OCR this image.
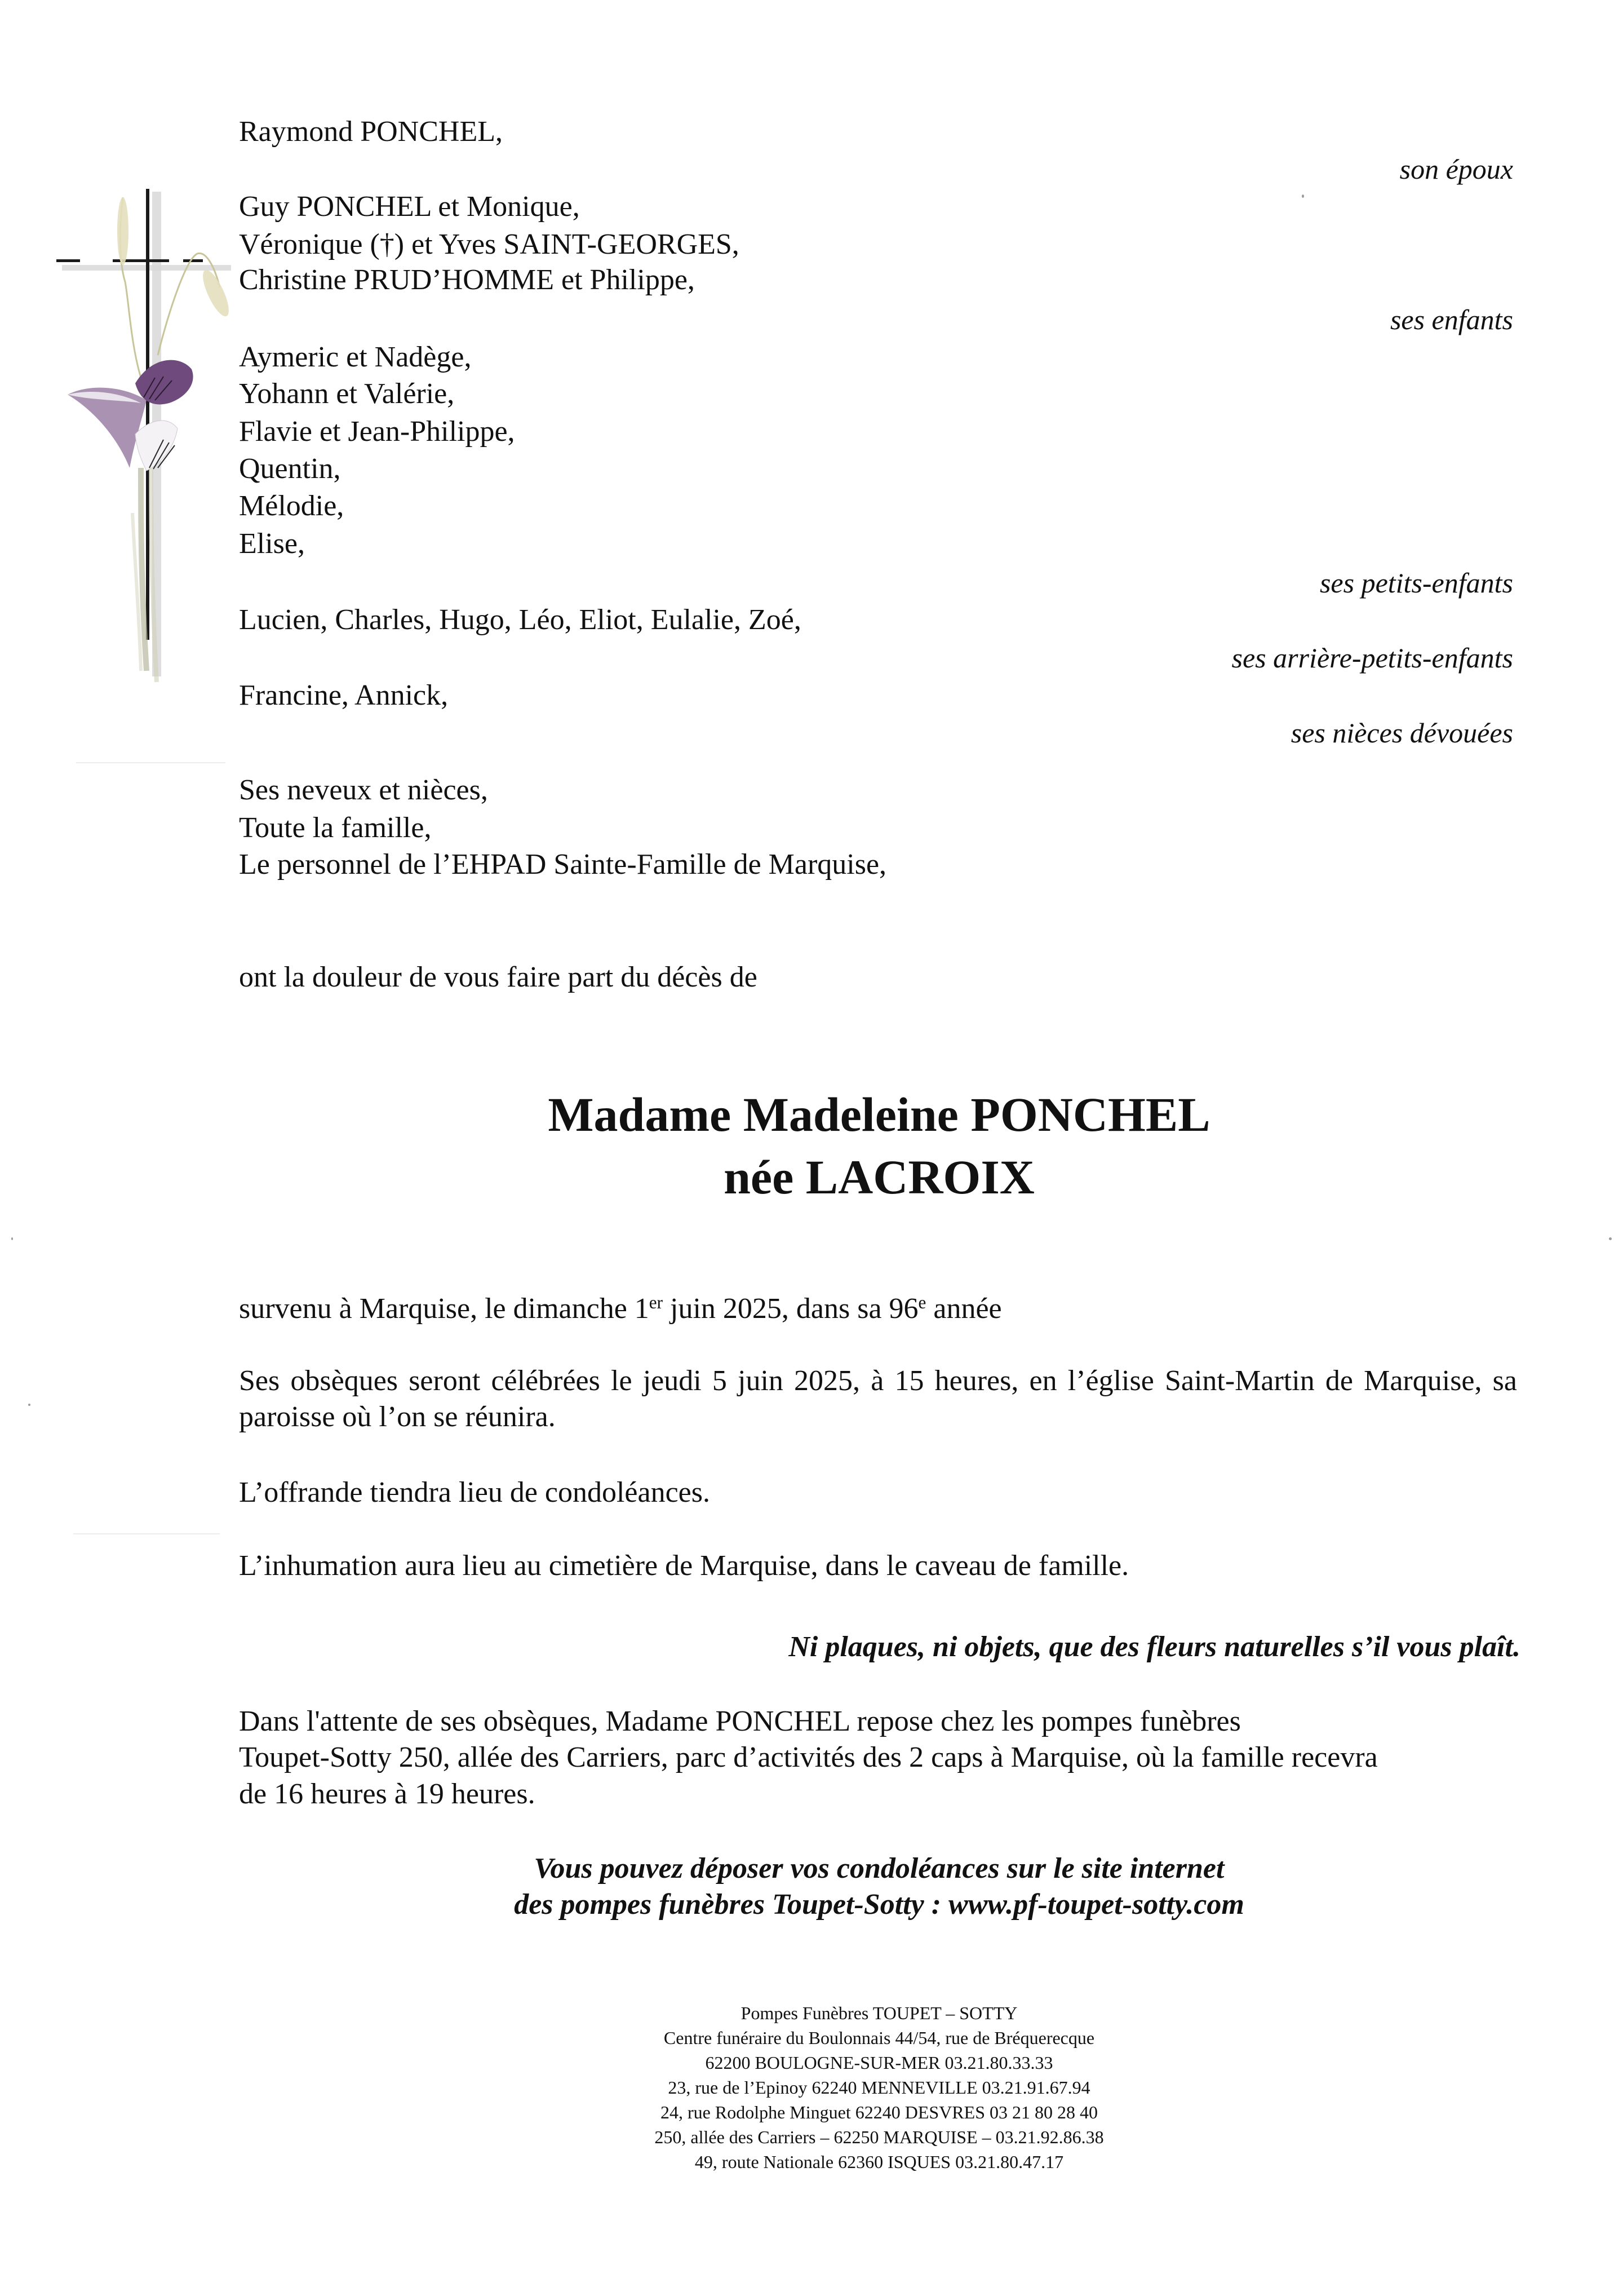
Raymond PONCHEL,
son époux
Guy PONCHEL et Monique,
Véronique (†) et Yves SAINT-GEORGES,
Christine PRUD’HOMME et Philippe,
ses enfants
Aymeric et Nadège,
Yohann et Valérie,
Flavie et Jean-Philippe,
Quentin,
Mélodie,
Elise,
ses petits-enfants
Lucien, Charles, Hugo, Léo, Eliot, Eulalie, Zoé,
ses arrière-petits-enfants
Francine, Annick,
ses nièces dévouées
Ses neveux et nièces,
Toute la famille,
Le personnel de l’EHPAD Sainte-Famille de Marquise,
ont la douleur de vous faire part du décès de
Madame Madeleine PONCHEL
née LACROIX
survenu à Marquise, le dimanche 1er juin 2025, dans sa 96e année
Ses obsèques seront célébrées le jeudi 5 juin 2025, à 15 heures, en l’église Saint-Martin de Marquise, sa paroisse où l’on se réunira.
L’offrande tiendra lieu de condoléances.
L’inhumation aura lieu au cimetière de Marquise, dans le caveau de famille.
Ni plaques, ni objets, que des fleurs naturelles s’il vous plaît.
Dans l'attente de ses obsèques, Madame PONCHEL repose chez les pompes funèbres
Toupet-Sotty 250, allée des Carriers, parc d’activités des 2 caps à Marquise, où la famille recevra
de 16 heures à 19 heures.
Vous pouvez déposer vos condoléances sur le site internet
des pompes funèbres Toupet-Sotty : www.pf-toupet-sotty.com
Pompes Funèbres TOUPET – SOTTY
Centre funéraire du Boulonnais 44/54, rue de Bréquerecque
62200 BOULOGNE-SUR-MER 03.21.80.33.33
23, rue de l’Epinoy 62240 MENNEVILLE 03.21.91.67.94
24, rue Rodolphe Minguet 62240 DESVRES 03 21 80 28 40
250, allée des Carriers – 62250 MARQUISE – 03.21.92.86.38
49, route Nationale 62360 ISQUES 03.21.80.47.17
